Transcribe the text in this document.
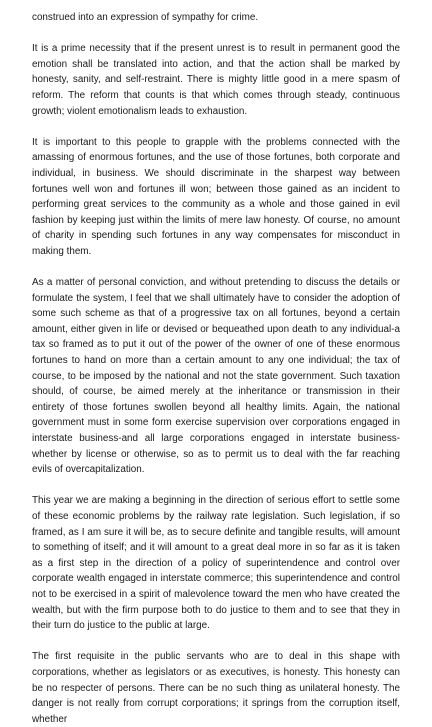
construed into an expression of sympathy for crime.

It is a prime necessity that if the present unrest is to result in permanent good the emotion shall be translated into action, and that the action shall be marked by honesty, sanity, and self-restraint. There is mighty little good in a mere spasm of reform. The reform that counts is that which comes through steady, continuous growth; violent emotionalism leads to exhaustion.

It is important to this people to grapple with the problems connected with the amassing of enormous fortunes, and the use of those fortunes, both corporate and individual, in business. We should discriminate in the sharpest way between fortunes well won and fortunes ill won; between those gained as an incident to performing great services to the community as a whole and those gained in evil fashion by keeping just within the limits of mere law honesty. Of course, no amount of charity in spending such fortunes in any way compensates for misconduct in making them.

As a matter of personal conviction, and without pretending to discuss the details or formulate the system, I feel that we shall ultimately have to consider the adoption of some such scheme as that of a progressive tax on all fortunes, beyond a certain amount, either given in life or devised or bequeathed upon death to any individual-a tax so framed as to put it out of the power of the owner of one of these enormous fortunes to hand on more than a certain amount to any one individual; the tax of course, to be imposed by the national and not the state government. Such taxation should, of course, be aimed merely at the inheritance or transmission in their entirety of those fortunes swollen beyond all healthy limits. Again, the national government must in some form exercise supervision over corporations engaged in interstate business-and all large corporations engaged in interstate business-whether by license or otherwise, so as to permit us to deal with the far reaching evils of overcapitalization.

This year we are making a beginning in the direction of serious effort to settle some of these economic problems by the railway rate legislation. Such legislation, if so framed, as I am sure it will be, as to secure definite and tangible results, will amount to something of itself; and it will amount to a great deal more in so far as it is taken as a first step in the direction of a policy of superintendence and control over corporate wealth engaged in interstate commerce; this superintendence and control not to be exercised in a spirit of malevolence toward the men who have created the wealth, but with the firm purpose both to do justice to them and to see that they in their turn do justice to the public at large.

The first requisite in the public servants who are to deal in this shape with corporations, whether as legislators or as executives, is honesty. This honesty can be no respecter of persons. There can be no such thing as unilateral honesty. The danger is not really from corrupt corporations; it springs from the corruption itself, whether
